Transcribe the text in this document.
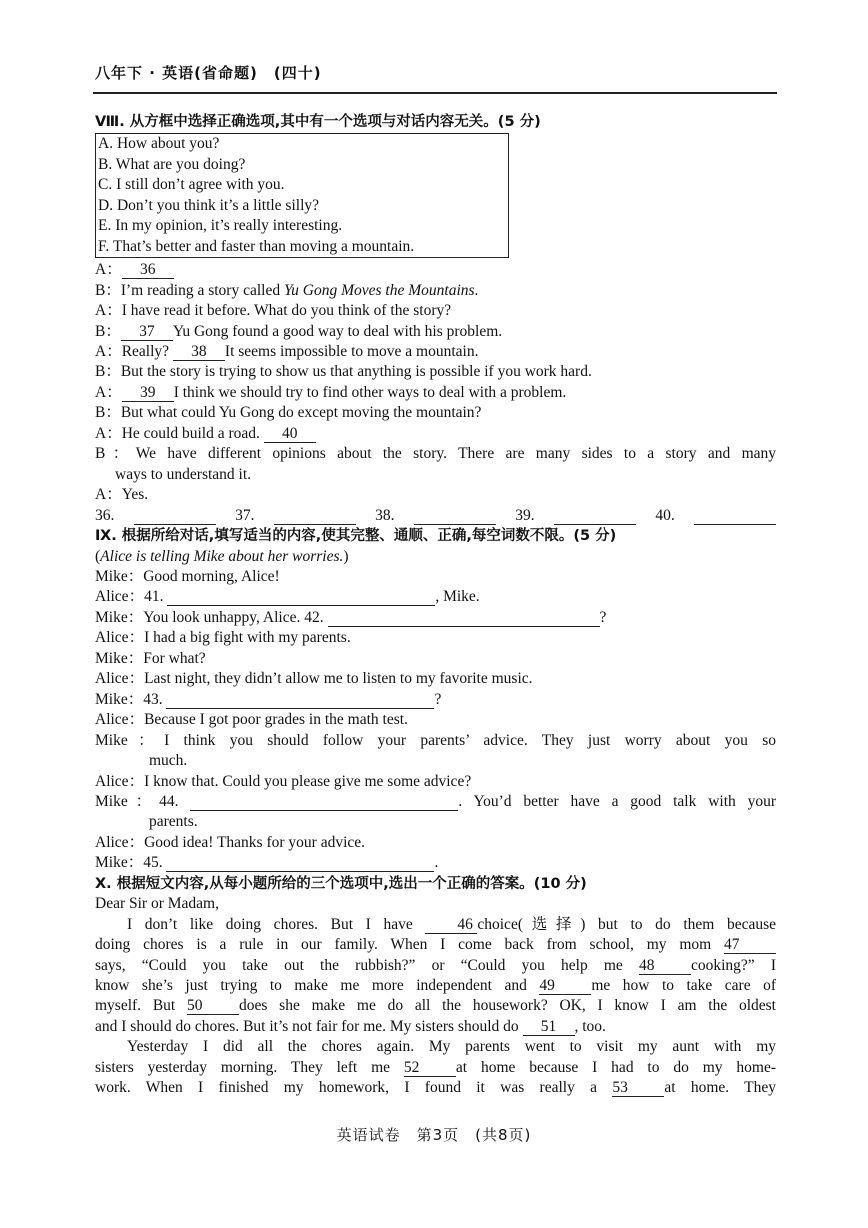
八年下 · 英语(省命题)　(四十)
Ⅷ. 从方框中选择正确选项,其中有一个选项与对话内容无关。(5 分)
A. How about you?
B. What are you doing?
C. I still don’t agree with you.
D. Don’t you think it’s a little silly?
E. In my opinion, it’s really interesting.
F. That’s better and faster than moving a mountain.
A： 36
B：I’m reading a story called Yu Gong Moves the Mountains.
A：I have read it before. What do you think of the story?
B： 37 Yu Gong found a good way to deal with his problem.
A：Really? 38 It seems impossible to move a mountain.
B：But the story is trying to show us that anything is possible if you work hard.
A： 39 I think we should try to find other ways to deal with a problem.
B：But what could Yu Gong do except moving the mountain?
A：He could build a road. 40
B：We have different opinions about the story. There are many sides to a story and many
ways to understand it.
A：Yes.
36.	37.	38.	39.	40.
Ⅸ. 根据所给对话,填写适当的内容,使其完整、通顺、正确,每空词数不限。(5 分)
(Alice is telling Mike about her worries.)
Mike：Good morning, Alice!
Alice：41.	, Mike.
Mike：You look unhappy, Alice. 42.	?
Alice：I had a big fight with my parents.
Mike：For what?
Alice：Last night, they didn’t allow me to listen to my favorite music.
Mike：43.	?
Alice：Because I got poor grades in the math test.
Mike：I think you should follow your parents’ advice. They just worry about you so
much.
Alice：I know that. Could you please give me some advice?
Mike：44.	. You’d better have a good talk with your
parents.
Alice：Good idea! Thanks for your advice.
Mike：45.	.
Ⅹ. 根据短文内容,从每小题所给的三个选项中,选出一个正确的答案。(10 分)
Dear Sir or Madam,
I don’t like doing chores. But I have 46 choice(选择) but to do them because
doing chores is a rule in our family. When I come back from school, my mom 47
says, “Could you take out the rubbish?” or “Could you help me 48 cooking?” I
know she’s just trying to make me more independent and 49 me how to take care of
myself. But 50 does she make me do all the housework? OK, I know I am the oldest
and I should do chores. But it’s not fair for me. My sisters should do 51 , too.
Yesterday I did all the chores again. My parents went to visit my aunt with my
sisters yesterday morning. They left me 52 at home because I had to do my home-
work. When I finished my homework, I found it was really a 53 at home. They
英语试卷　第3页　(共8页)
